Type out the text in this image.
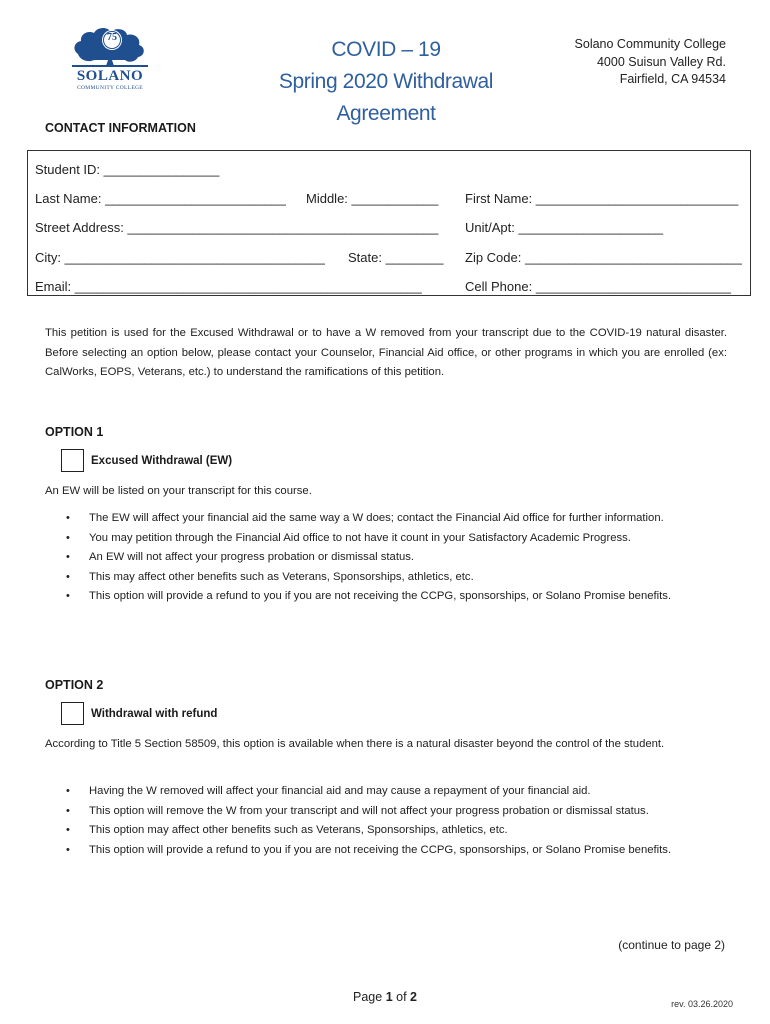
75
SOLANO
COMMUNITY COLLEGE
COVID – 19
Spring 2020 Withdrawal
Agreement
Solano Community College
4000 Suisun Valley Rd.
Fairfield, CA 94534
CONTACT INFORMATION
Student ID: ________________
Last Name: _________________________ Middle: ____________ First Name: ____________________________
Street Address: ___________________________________________ Unit/Apt: ____________________
City: ____________________________________ State: ________ Zip Code: ______________________________
Email: ________________________________________________	Cell Phone: ___________________________
This petition is used for the Excused Withdrawal or to have a W removed from your transcript due to the COVID-19 natural disaster. Before selecting an option below, please contact your Counselor, Financial Aid office, or other programs in which you are enrolled (ex: CalWorks, EOPS, Veterans, etc.) to understand the ramifications of this petition.
OPTION 1
Excused Withdrawal (EW)
An EW will be listed on your transcript for this course.
• The EW will affect your financial aid the same way a W does; contact the Financial Aid office for further information.
• You may petition through the Financial Aid office to not have it count in your Satisfactory Academic Progress.
• An EW will not affect your progress probation or dismissal status.
• This may affect other benefits such as Veterans, Sponsorships, athletics, etc.
• This option will provide a refund to you if you are not receiving the CCPG, sponsorships, or Solano Promise benefits.
OPTION 2
Withdrawal with refund
According to Title 5 Section 58509, this option is available when there is a natural disaster beyond the control of the student.
• Having the W removed will affect your financial aid and may cause a repayment of your financial aid.
• This option will remove the W from your transcript and will not affect your progress probation or dismissal status.
• This option may affect other benefits such as Veterans, Sponsorships, athletics, etc.
• This option will provide a refund to you if you are not receiving the CCPG, sponsorships, or Solano Promise benefits.
(continue to page 2)
Page 1 of 2	rev. 03.26.2020
